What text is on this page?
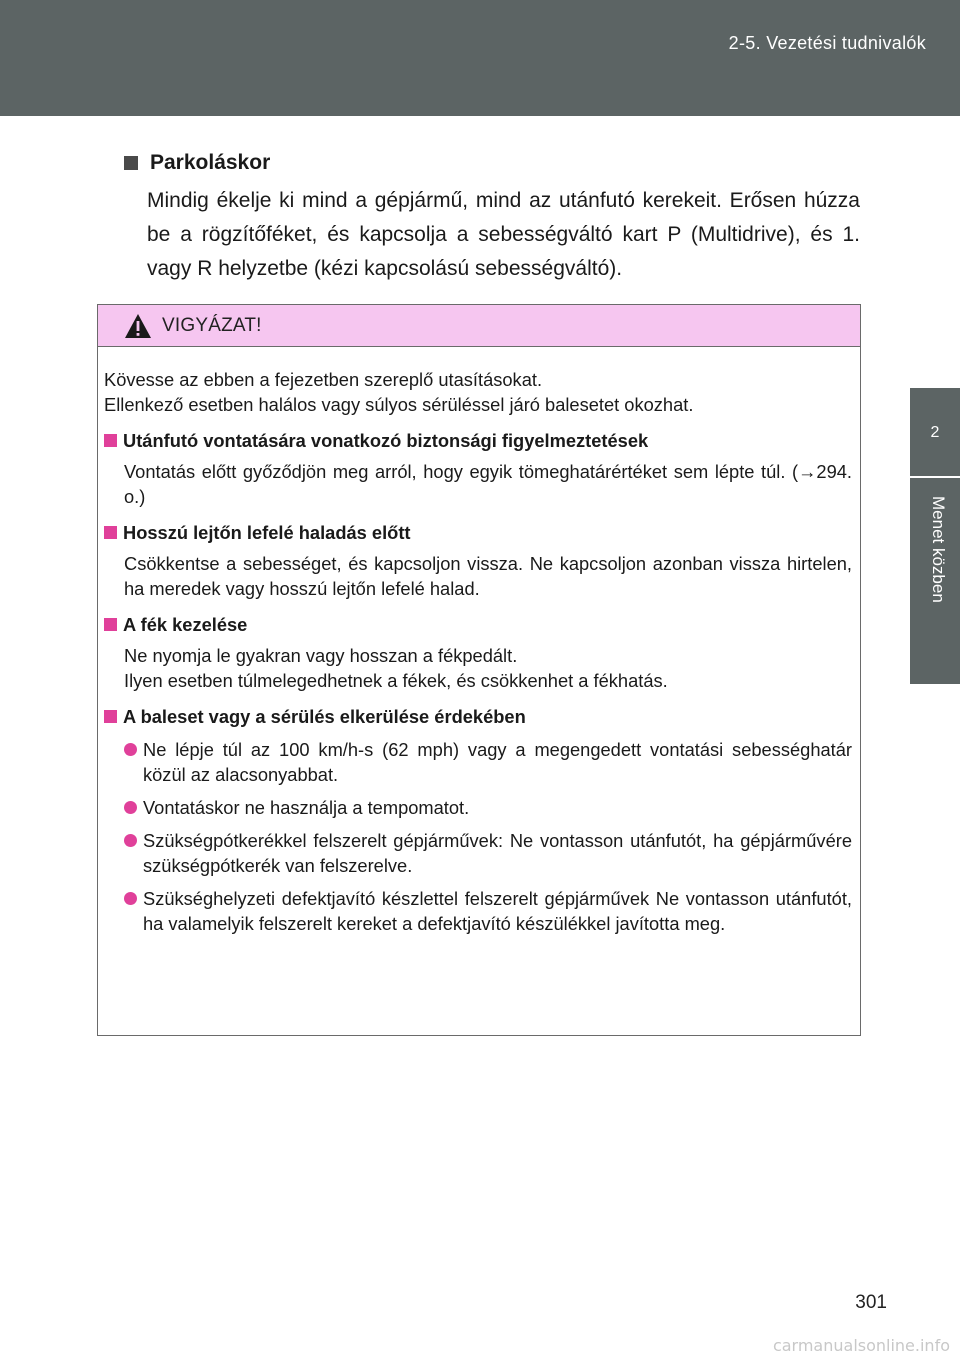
2-5. Vezetési tudnivalók
2
Menet közben
Parkoláskor
Mindig ékelje ki mind a gépjármű, mind az utánfutó kerekeit. Erősen húzza be a rögzítőféket, és kapcsolja a sebességváltó kart P (Multidrive), és 1. vagy R helyzetbe (kézi kapcsolású sebességváltó).
VIGYÁZAT!

Kövesse az ebben a fejezetben szereplő utasításokat.

Ellenkező esetben halálos vagy súlyos sérüléssel járó balesetet okozhat.

Utánfutó vontatására vonatkozó biztonsági figyelmeztetések
Vontatás előtt győződjön meg arról, hogy egyik tömeghatárértéket sem lépte túl. (→294. o.)
Hosszú lejtőn lefelé haladás előtt
Csökkentse a sebességet, és kapcsoljon vissza. Ne kapcsoljon azonban vissza hirtelen, ha meredek vagy hosszú lejtőn lefelé halad.
A fék kezelése
Ne nyomja le gyakran vagy hosszan a fékpedált.
Ilyen esetben túlmelegedhetnek a fékek, és csökkenhet a fékhatás.
A baleset vagy a sérülés elkerülése érdekében
Ne lépje túl az 100 km/h-s (62 mph) vagy a megengedett vontatási sebességhatár közül az alacsonyabbat.
Vontatáskor ne használja a tempomatot.
Szükségpótkerékkel felszerelt gépjárművek: Ne vontasson utánfutót, ha gépjárművére szükségpótkerék van felszerelve.
Szükséghelyzeti defektjavító készlettel felszerelt gépjárművek Ne vontasson utánfutót, ha valamelyik felszerelt kereket a defektjavító készülékkel javította meg.
301
carmanualsonline.info
